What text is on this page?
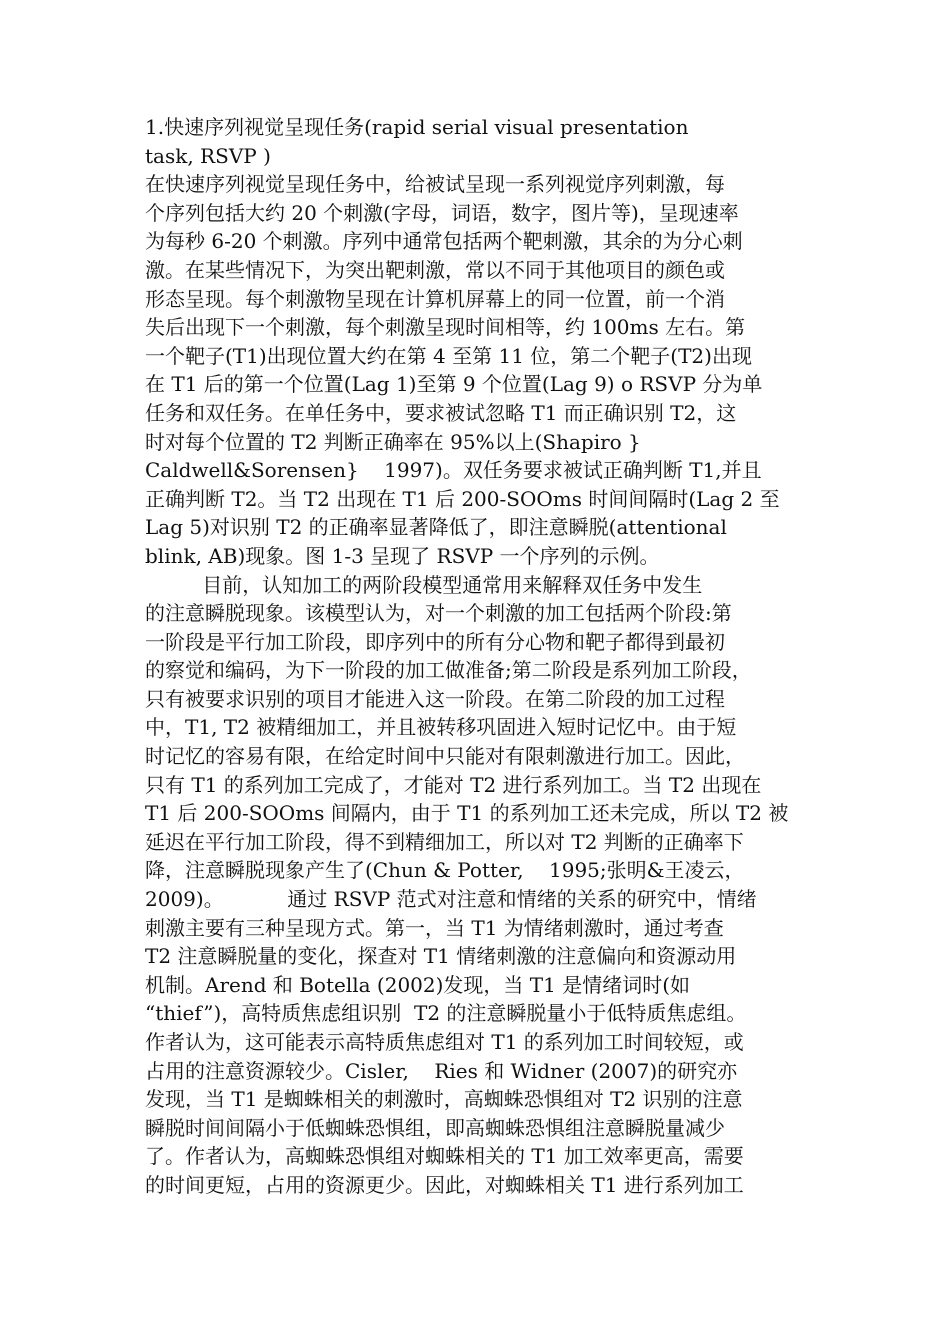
1.快速序列视觉呈现任务(rapid serial visual presentation
task, RSVP )
在快速序列视觉呈现任务中，给被试呈现一系列视觉序列刺激，每
个序列包括大约 20 个刺激(字母，词语，数字，图片等)，呈现速率
为每秒 6-20 个刺激。序列中通常包括两个靶刺激，其余的为分心刺
激。在某些情况下，为突出靶刺激，常以不同于其他项目的颜色或
形态呈现。每个刺激物呈现在计算机屏幕上的同一位置，前一个消
失后出现下一个刺激，每个刺激呈现时间相等，约 100ms 左右。第
一个靶子(T1)出现位置大约在第 4 至第 11 位，第二个靶子(T2)出现
在 T1 后的第一个位置(Lag 1)至第 9 个位置(Lag 9) o RSVP 分为单
任务和双任务。在单任务中，要求被试忽略 T1 而正确识别 T2，这
时对每个位置的 T2 判断正确率在 95%以上(Shapiro }
Caldwell&Sorensen}    1997)。双任务要求被试正确判断 T1,并且
正确判断 T2。当 T2 出现在 T1 后 200-SOOms 时间间隔时(Lag 2 至
Lag 5)对识别 T2 的正确率显著降低了，即注意瞬脱(attentional
blink, AB)现象。图 1-3 呈现了 RSVP 一个序列的示例。
目前，认知加工的两阶段模型通常用来解释双任务中发生
的注意瞬脱现象。该模型认为，对一个刺激的加工包括两个阶段:第
一阶段是平行加工阶段，即序列中的所有分心物和靶子都得到最初
的察觉和编码，为下一阶段的加工做准备;第二阶段是系列加工阶段，
只有被要求识别的项目才能进入这一阶段。在第二阶段的加工过程
中，T1, T2 被精细加工，并且被转移巩固进入短时记忆中。由于短
时记忆的容易有限，在给定时间中只能对有限刺激进行加工。因此，
只有 T1 的系列加工完成了，才能对 T2 进行系列加工。当 T2 出现在
T1 后 200-SOOms 间隔内，由于 T1 的系列加工还未完成，所以 T2 被
延迟在平行加工阶段，得不到精细加工，所以对 T2 判断的正确率下
降，注意瞬脱现象产生了(Chun & Potter,    1995;张明&王凌云，
2009)。          通过 RSVP 范式对注意和情绪的关系的研究中，情绪
刺激主要有三种呈现方式。第一，当 T1 为情绪刺激时，通过考查
T2 注意瞬脱量的变化，探查对 T1 情绪刺激的注意偏向和资源动用
机制。Arend 和 Botella (2002)发现，当 T1 是情绪词时(如
“thief”)，高特质焦虑组识别  T2 的注意瞬脱量小于低特质焦虑组。
作者认为，这可能表示高特质焦虑组对 T1 的系列加工时间较短，或
占用的注意资源较少。Cisler,    Ries 和 Widner (2007)的研究亦
发现，当 T1 是蜘蛛相关的刺激时，高蜘蛛恐惧组对 T2 识别的注意
瞬脱时间间隔小于低蜘蛛恐惧组，即高蜘蛛恐惧组注意瞬脱量减少
了。作者认为，高蜘蛛恐惧组对蜘蛛相关的 T1 加工效率更高，需要
的时间更短，占用的资源更少。因此，对蜘蛛相关 T1 进行系列加工
